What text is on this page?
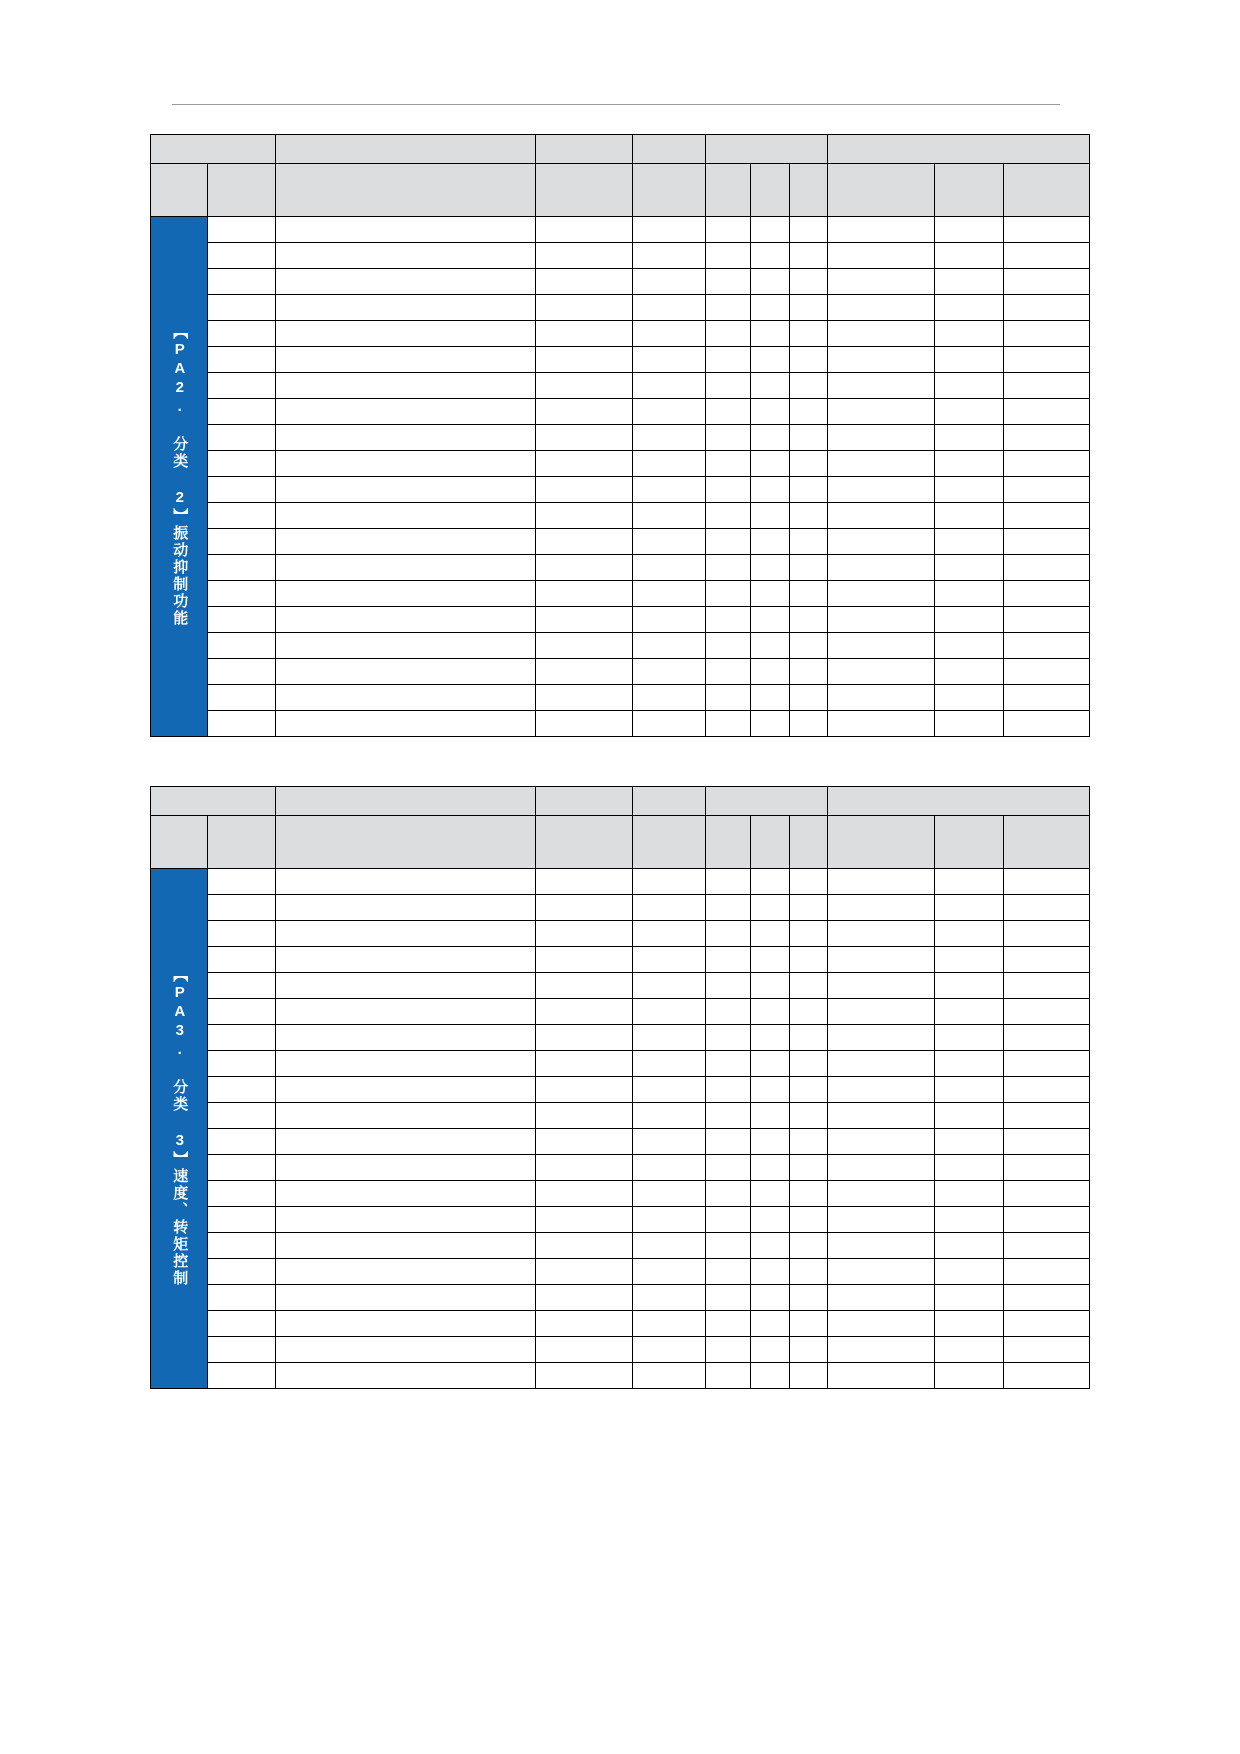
【PA2. 分类 2】振动抑制功能										

【PA3. 分类 3】速度、转矩控制										
